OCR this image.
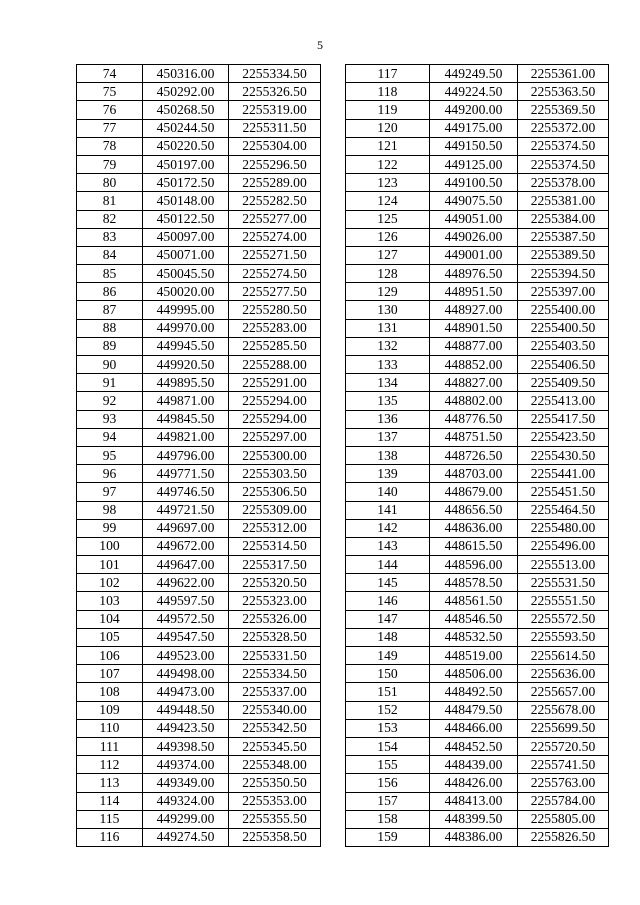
5
74	450316.00	2255334.50
75	450292.00	2255326.50
76	450268.50	2255319.00
77	450244.50	2255311.50
78	450220.50	2255304.00
79	450197.00	2255296.50
80	450172.50	2255289.00
81	450148.00	2255282.50
82	450122.50	2255277.00
83	450097.00	2255274.00
84	450071.00	2255271.50
85	450045.50	2255274.50
86	450020.00	2255277.50
87	449995.00	2255280.50
88	449970.00	2255283.00
89	449945.50	2255285.50
90	449920.50	2255288.00
91	449895.50	2255291.00
92	449871.00	2255294.00
93	449845.50	2255294.00
94	449821.00	2255297.00
95	449796.00	2255300.00
96	449771.50	2255303.50
97	449746.50	2255306.50
98	449721.50	2255309.00
99	449697.00	2255312.00
100	449672.00	2255314.50
101	449647.00	2255317.50
102	449622.00	2255320.50
103	449597.50	2255323.00
104	449572.50	2255326.00
105	449547.50	2255328.50
106	449523.00	2255331.50
107	449498.00	2255334.50
108	449473.00	2255337.00
109	449448.50	2255340.00
110	449423.50	2255342.50
111	449398.50	2255345.50
112	449374.00	2255348.00
113	449349.00	2255350.50
114	449324.00	2255353.00
115	449299.00	2255355.50
116	449274.50	2255358.50
117	449249.50	2255361.00
118	449224.50	2255363.50
119	449200.00	2255369.50
120	449175.00	2255372.00
121	449150.50	2255374.50
122	449125.00	2255374.50
123	449100.50	2255378.00
124	449075.50	2255381.00
125	449051.00	2255384.00
126	449026.00	2255387.50
127	449001.00	2255389.50
128	448976.50	2255394.50
129	448951.50	2255397.00
130	448927.00	2255400.00
131	448901.50	2255400.50
132	448877.00	2255403.50
133	448852.00	2255406.50
134	448827.00	2255409.50
135	448802.00	2255413.00
136	448776.50	2255417.50
137	448751.50	2255423.50
138	448726.50	2255430.50
139	448703.00	2255441.00
140	448679.00	2255451.50
141	448656.50	2255464.50
142	448636.00	2255480.00
143	448615.50	2255496.00
144	448596.00	2255513.00
145	448578.50	2255531.50
146	448561.50	2255551.50
147	448546.50	2255572.50
148	448532.50	2255593.50
149	448519.00	2255614.50
150	448506.00	2255636.00
151	448492.50	2255657.00
152	448479.50	2255678.00
153	448466.00	2255699.50
154	448452.50	2255720.50
155	448439.00	2255741.50
156	448426.00	2255763.00
157	448413.00	2255784.00
158	448399.50	2255805.00
159	448386.00	2255826.50
